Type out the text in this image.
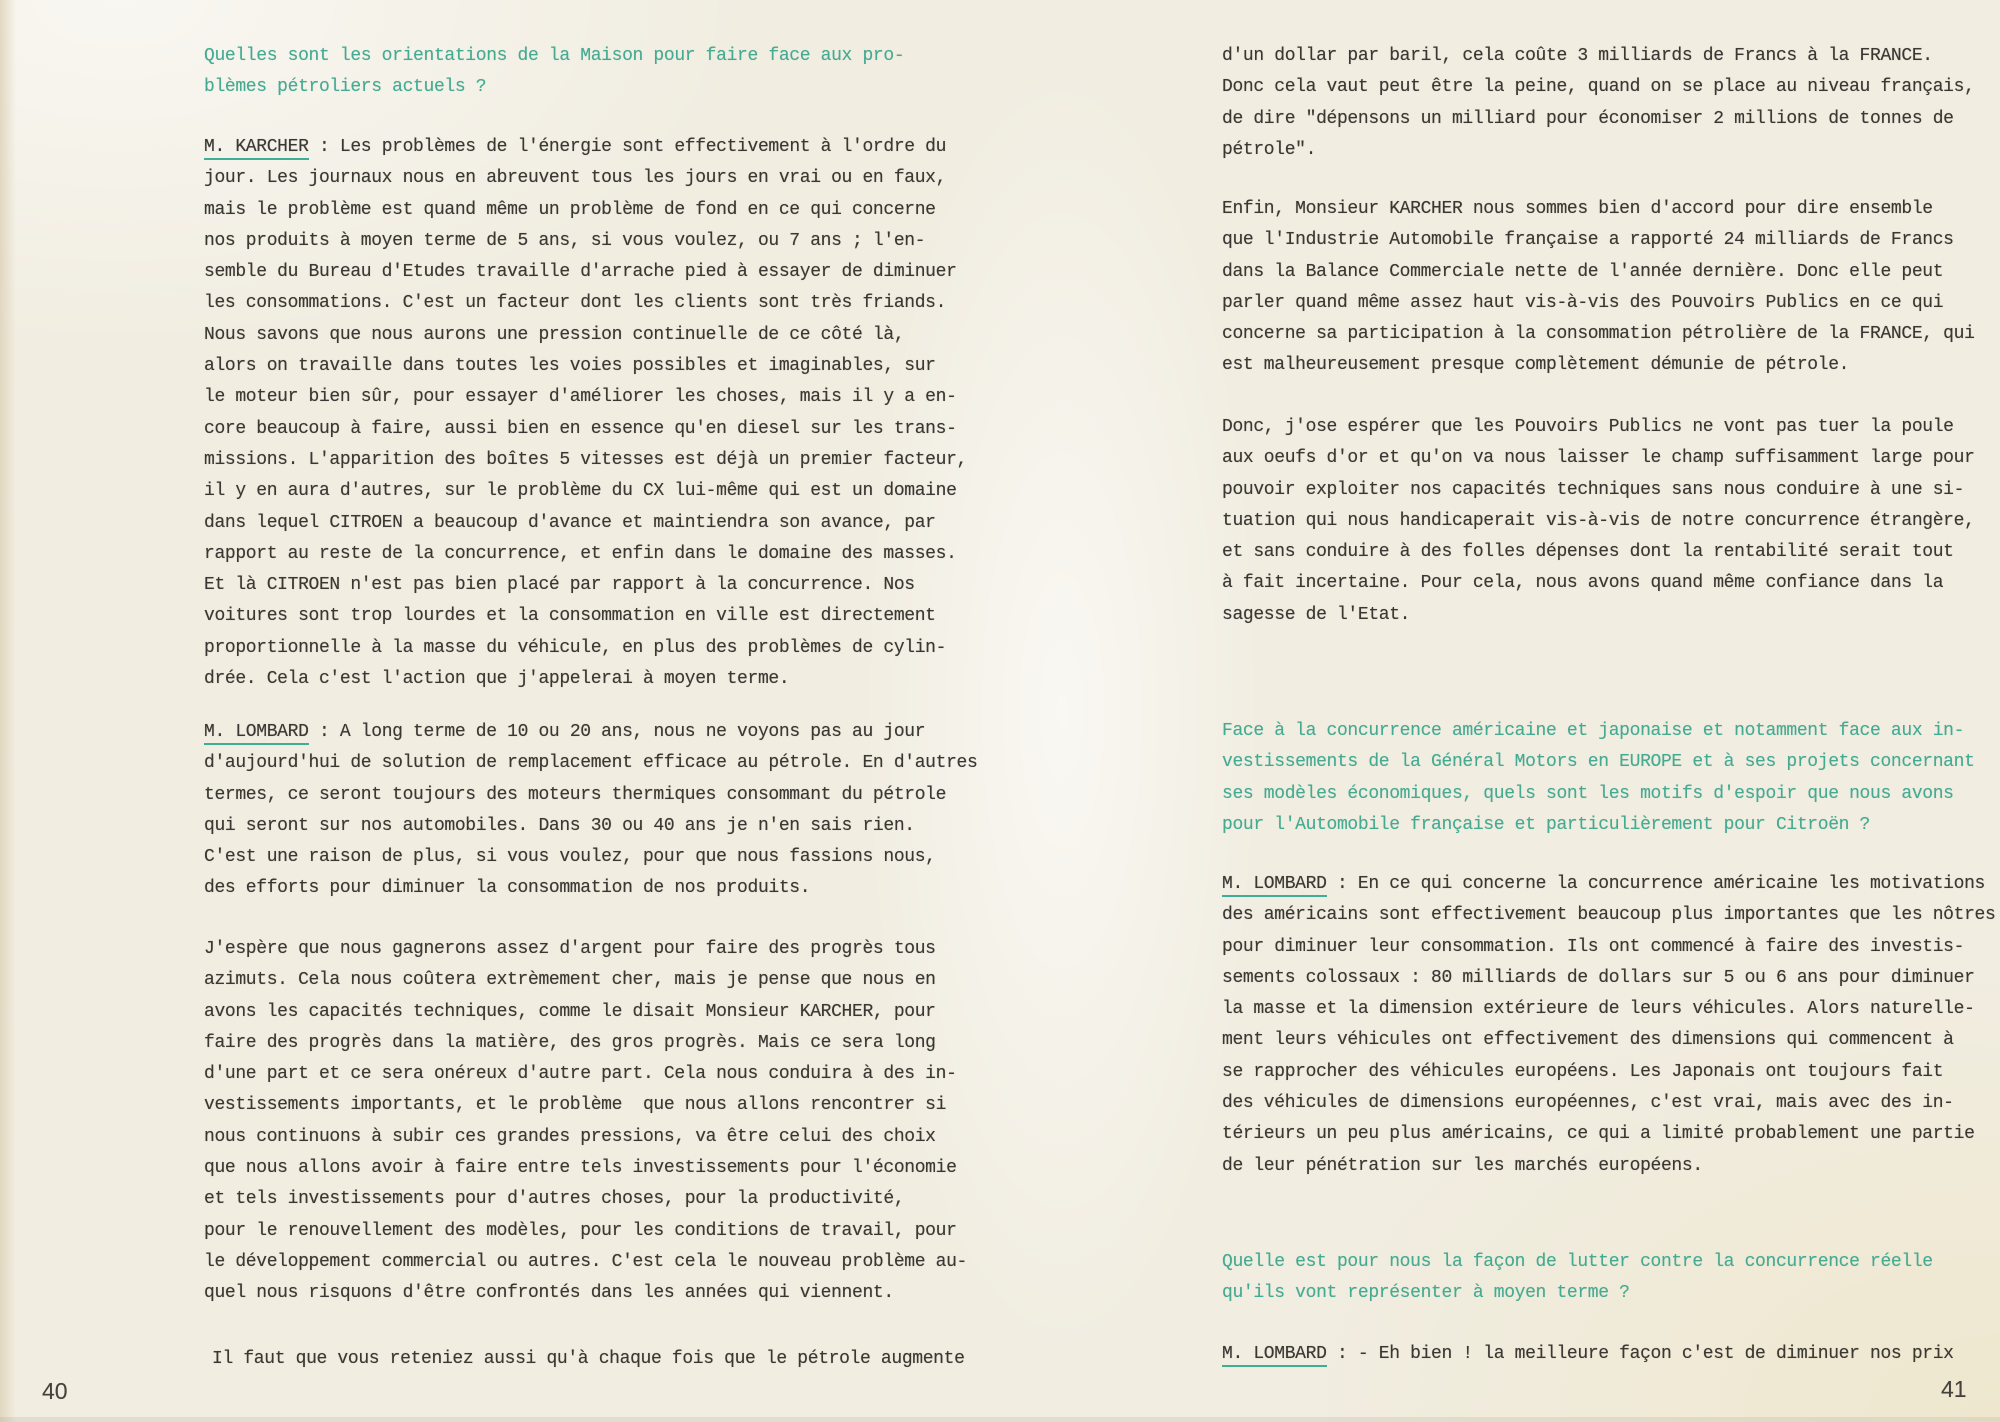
Quelles sont les orientations de la Maison pour faire face aux pro-
blèmes pétroliers actuels ?
M. KARCHER : Les problèmes de l'énergie sont effectivement à l'ordre du
jour. Les journaux nous en abreuvent tous les jours en vrai ou en faux,
mais le problème est quand même un problème de fond en ce qui concerne
nos produits à moyen terme de 5 ans, si vous voulez, ou 7 ans ; l'en-
semble du Bureau d'Etudes travaille d'arrache pied à essayer de diminuer
les consommations. C'est un facteur dont les clients sont très friands.
Nous savons que nous aurons une pression continuelle de ce côté là,
alors on travaille dans toutes les voies possibles et imaginables, sur
le moteur bien sûr, pour essayer d'améliorer les choses, mais il y a en-
core beaucoup à faire, aussi bien en essence qu'en diesel sur les trans-
missions. L'apparition des boîtes 5 vitesses est déjà un premier facteur,
il y en aura d'autres, sur le problème du CX lui-même qui est un domaine
dans lequel CITROEN a beaucoup d'avance et maintiendra son avance, par
rapport au reste de la concurrence, et enfin dans le domaine des masses.
Et là CITROEN n'est pas bien placé par rapport à la concurrence. Nos
voitures sont trop lourdes et la consommation en ville est directement
proportionnelle à la masse du véhicule, en plus des problèmes de cylin-
drée. Cela c'est l'action que j'appelerai à moyen terme.
M. LOMBARD : A long terme de 10 ou 20 ans, nous ne voyons pas au jour
d'aujourd'hui de solution de remplacement efficace au pétrole. En d'autres
termes, ce seront toujours des moteurs thermiques consommant du pétrole
qui seront sur nos automobiles. Dans 30 ou 40 ans je n'en sais rien.
C'est une raison de plus, si vous voulez, pour que nous fassions nous,
des efforts pour diminuer la consommation de nos produits.
J'espère que nous gagnerons assez d'argent pour faire des progrès tous
azimuts. Cela nous coûtera extrèmement cher, mais je pense que nous en
avons les capacités techniques, comme le disait Monsieur KARCHER, pour
faire des progrès dans la matière, des gros progrès. Mais ce sera long
d'une part et ce sera onéreux d'autre part. Cela nous conduira à des in-
vestissements importants, et le problème  que nous allons rencontrer si
nous continuons à subir ces grandes pressions, va être celui des choix
que nous allons avoir à faire entre tels investissements pour l'économie
et tels investissements pour d'autres choses, pour la productivité,
pour le renouvellement des modèles, pour les conditions de travail, pour
le développement commercial ou autres. C'est cela le nouveau problème au-
quel nous risquons d'être confrontés dans les années qui viennent.
Il faut que vous reteniez aussi qu'à chaque fois que le pétrole augmente
d'un dollar par baril, cela coûte 3 milliards de Francs à la FRANCE.
Donc cela vaut peut être la peine, quand on se place au niveau français,
de dire "dépensons un milliard pour économiser 2 millions de tonnes de
pétrole".
Enfin, Monsieur KARCHER nous sommes bien d'accord pour dire ensemble
que l'Industrie Automobile française a rapporté 24 milliards de Francs
dans la Balance Commerciale nette de l'année dernière. Donc elle peut
parler quand même assez haut vis-à-vis des Pouvoirs Publics en ce qui
concerne sa participation à la consommation pétrolière de la FRANCE, qui
est malheureusement presque complètement démunie de pétrole.
Donc, j'ose espérer que les Pouvoirs Publics ne vont pas tuer la poule
aux oeufs d'or et qu'on va nous laisser le champ suffisamment large pour
pouvoir exploiter nos capacités techniques sans nous conduire à une si-
tuation qui nous handicaperait vis-à-vis de notre concurrence étrangère,
et sans conduire à des folles dépenses dont la rentabilité serait tout
à fait incertaine. Pour cela, nous avons quand même confiance dans la
sagesse de l'Etat.
Face à la concurrence américaine et japonaise et notamment face aux in-
vestissements de la Général Motors en EUROPE et à ses projets concernant
ses modèles économiques, quels sont les motifs d'espoir que nous avons
pour l'Automobile française et particulièrement pour Citroën ?
M. LOMBARD : En ce qui concerne la concurrence américaine les motivations
des américains sont effectivement beaucoup plus importantes que les nôtres
pour diminuer leur consommation. Ils ont commencé à faire des investis-
sements colossaux : 80 milliards de dollars sur 5 ou 6 ans pour diminuer
la masse et la dimension extérieure de leurs véhicules. Alors naturelle-
ment leurs véhicules ont effectivement des dimensions qui commencent à
se rapprocher des véhicules européens. Les Japonais ont toujours fait
des véhicules de dimensions européennes, c'est vrai, mais avec des in-
térieurs un peu plus américains, ce qui a limité probablement une partie
de leur pénétration sur les marchés européens.
Quelle est pour nous la façon de lutter contre la concurrence réelle
qu'ils vont représenter à moyen terme ?
M. LOMBARD : - Eh bien ! la meilleure façon c'est de diminuer nos prix
40	41
